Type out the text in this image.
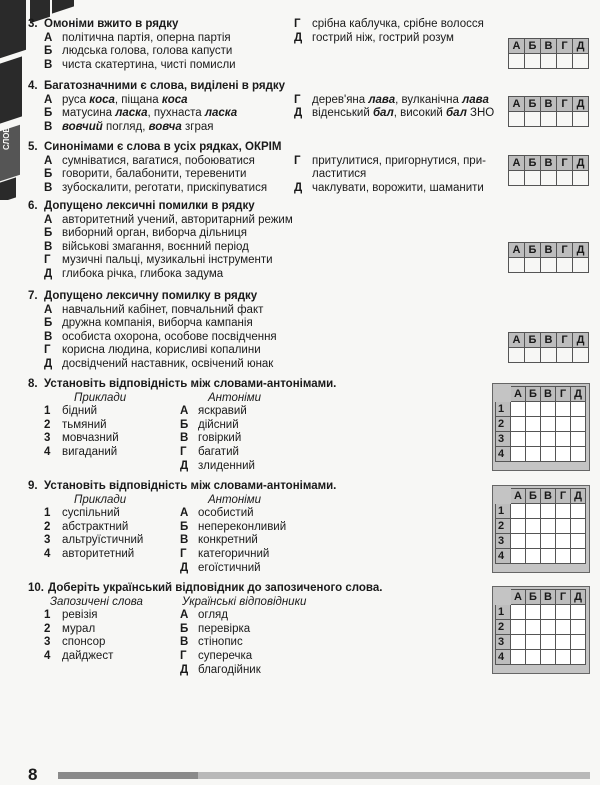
СЛОВА
3. Омоніми вжито в рядку
А політична партія, оперна партія
Б людська голова, голова капусти
В чиста скатертина, чисті помисли
Г срібна каблучка, срібне волосся
Д гострий ніж, гострий розум
4. Багатозначними є слова, виділені в рядку
А руса коса, піщана коса
Б матусина ласка, пухнаста ласка
В вовчий погляд, вовча зграя
Г дерев'яна лава, вулканічна лава
Д віденський бал, високий бал ЗНО
5. Синонімами є слова в усіх рядках, ОКРІМ
А сумніватися, вагатися, побоюватися
Б говорити, балабонити, теревенити
В зубоскалити, реготати, прискіпуватися
Г притулитися, пригорнутися, при-
ластитися
Д чаклувати, ворожити, шаманити
6. Допущено лексичні помилки в рядку
А авторитетний учений, авторитарний режим
Б виборний орган, виборча дільниця
В військові змагання, воєнний період
Г музичні пальці, музикальні інструменти
Д глибока річка, глибока задума
7. Допущено лексичну помилку в рядку
А навчальний кабінет, повчальний факт
Б дружна компанія, виборча кампанія
В особиста охорона, особове посвідчення
Г корисна людина, корисливі копалини
Д досвідчений наставник, освічений юнак
8. Установіть відповідність між словами-антонімами.
Приклади
1 бідний
2 тьмяний
3 мовчазний
4 вигаданий
Антоніми
А яскравий
Б дійсний
В говіркий
Г багатий
Д злиденний
9. Установіть відповідність між словами-антонімами.
Приклади
1 суспільний
2 абстрактний
3 альтруїстичний
4 авторитетний
Антоніми
А особистий
Б непереконливий
В конкретний
Г категоричний
Д егоїстичний
10. Доберіть український відповідник до запозиченого слова.
Запозичені слова
1 ревізія
2 мурал
3 спонсор
4 дайджест
Українські відповідники
А огляд
Б перевірка
В стінопис
Г суперечка
Д благодійник
А	Б	В	Г	Д

А	Б	В	Г	Д

А	Б	В	Г	Д

А	Б	В	Г	Д

А	Б	В	Г	Д

	А	Б	В	Г	Д
1					
2					
3					
4					
	А	Б	В	Г	Д
1					
2					
3					
4					
	А	Б	В	Г	Д
1					
2					
3					
4					
8
